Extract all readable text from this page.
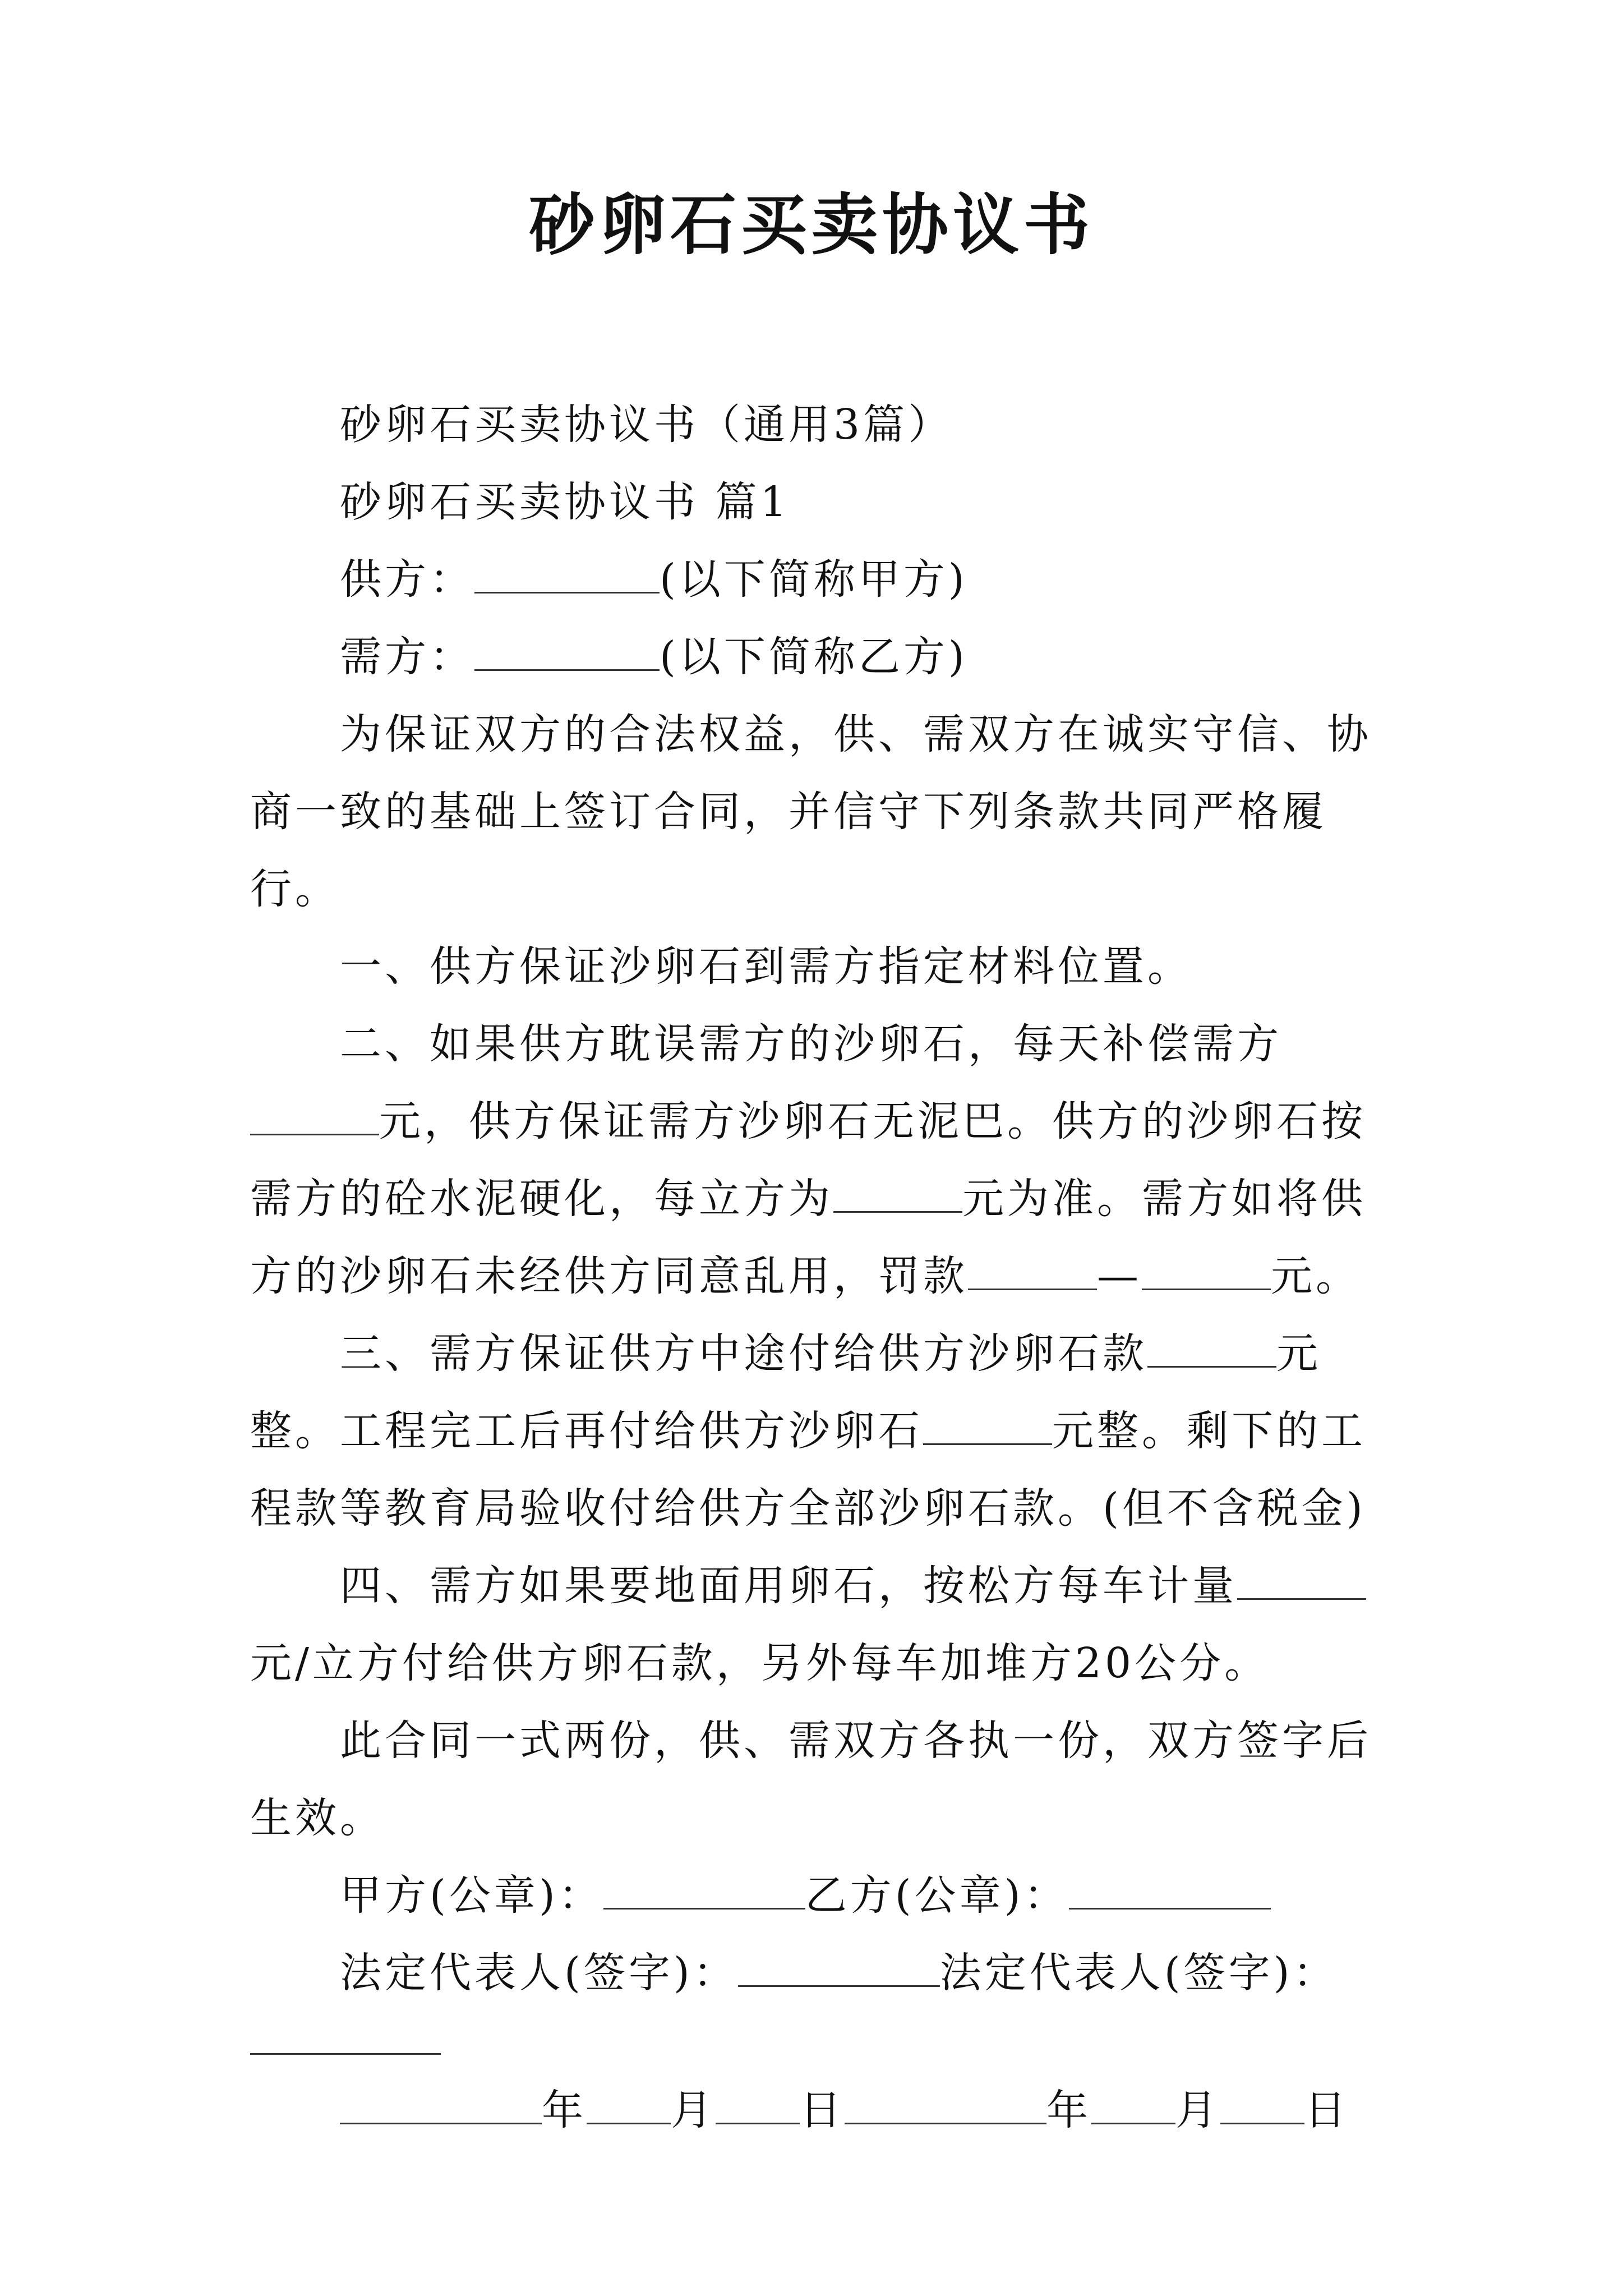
砂卵石买卖协议书

砂卵石买卖协议书（通用3篇）

砂卵石买卖协议书 篇1

供方：	(以下简称甲方)

需方：	(以下简称乙方)

为保证双方的合法权益，供、需双方在诚实守信、协商一致的基础上签订合同，并信守下列条款共同严格履行。

一、供方保证沙卵石到需方指定材料位置。

二、如果供方耽误需方的沙卵石，每天补偿需方元，供方保证需方沙卵石无泥巴。供方的沙卵石按需方的砼水泥硬化，每立方为	元为准。需方如将供方的沙卵石未经供方同意乱用，罚款	—	元。

三、需方保证供方中途付给供方沙卵石款	元整。工程完工后再付给供方沙卵石	元整。剩下的工程款等教育局验收付给供方全部沙卵石款。(但不含税金)

四、需方如果要地面用卵石，按松方每车计量元/立方付给供方卵石款，另外每车加堆方20公分。

此合同一式两份，供、需双方各执一份，双方签字后生效。

甲方(公章)：	乙方(公章)：

法定代表人(签字)：	法定代表人(签字)：

年 月 日	年 月 日
